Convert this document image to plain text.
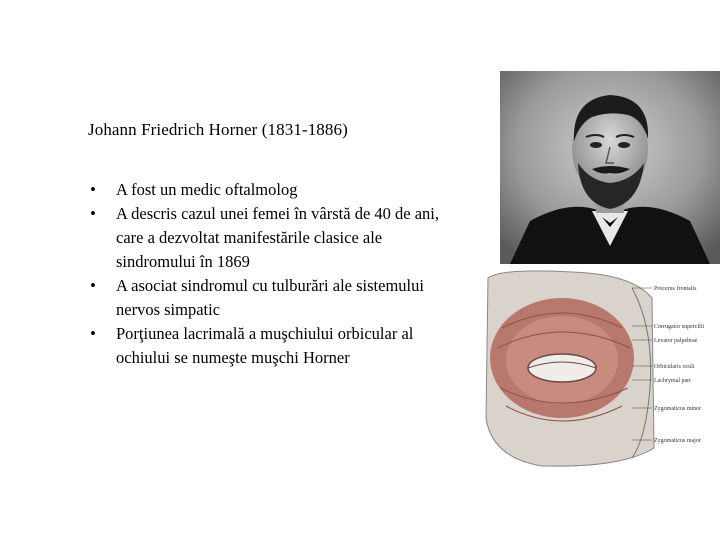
Johann Friedrich Horner (1831-1886)
• A fost un medic oftalmolog
• A descris cazul unei femei în vârstă de 40 de ani, care a dezvoltat manifestările clasice ale sindromului în 1869
• A asociat sindromul cu tulburări ale sistemului nervos simpatic
• Porţiunea lacrimală a muşchiului orbicular al ochiului se numeşte muşchi Horner
Procerus frontalis
Corrugator supercilii
Levator palpebrae
Orbicularis oculi
Lachrymal part
Zygomaticus minor
Zygomaticus major
